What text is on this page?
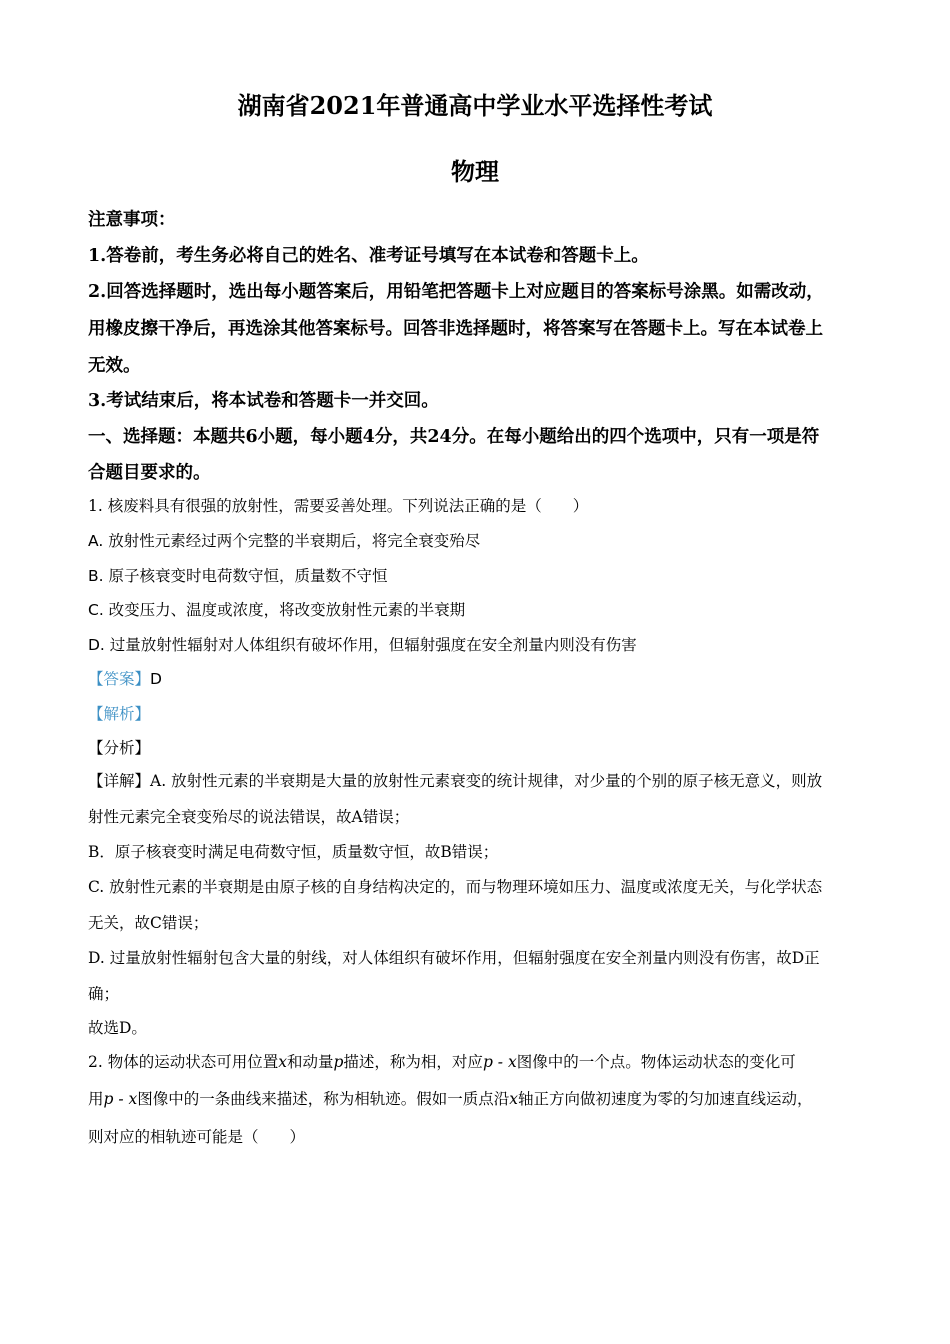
湖南省2021年普通高中学业水平选择性考试
物理
注意事项：
1.答卷前，考生务必将自己的姓名、准考证号填写在本试卷和答题卡上。
2.回答选择题时，选出每小题答案后，用铅笔把答题卡上对应题目的答案标号涂黑。如需改动，
用橡皮擦干净后，再选涂其他答案标号。回答非选择题时，将答案写在答题卡上。写在本试卷上
无效。
3.考试结束后，将本试卷和答题卡一并交回。
一、选择题：本题共6小题，每小题4分，共24分。在每小题给出的四个选项中，只有一项是符
合题目要求的。
1. 核废料具有很强的放射性，需要妥善处理。下列说法正确的是（　　）
A. 放射性元素经过两个完整的半衰期后，将完全衰变殆尽
B. 原子核衰变时电荷数守恒，质量数不守恒
C. 改变压力、温度或浓度，将改变放射性元素的半衰期
D. 过量放射性辐射对人体组织有破坏作用，但辐射强度在安全剂量内则没有伤害
【答案】D
【解析】
【分析】
【详解】A. 放射性元素的半衰期是大量的放射性元素衰变的统计规律，对少量的个别的原子核无意义，则放
射性元素完全衰变殆尽的说法错误，故A错误；
B．原子核衰变时满足电荷数守恒，质量数守恒，故B错误；
C. 放射性元素的半衰期是由原子核的自身结构决定的，而与物理环境如压力、温度或浓度无关，与化学状态
无关，故C错误；
D. 过量放射性辐射包含大量的射线，对人体组织有破坏作用，但辐射强度在安全剂量内则没有伤害，故D正
确；
故选D。
2. 物体的运动状态可用位置x和动量p描述，称为相，对应p - x图像中的一个点。物体运动状态的变化可
用p - x图像中的一条曲线来描述，称为相轨迹。假如一质点沿x轴正方向做初速度为零的匀加速直线运动，
则对应的相轨迹可能是（　　）
